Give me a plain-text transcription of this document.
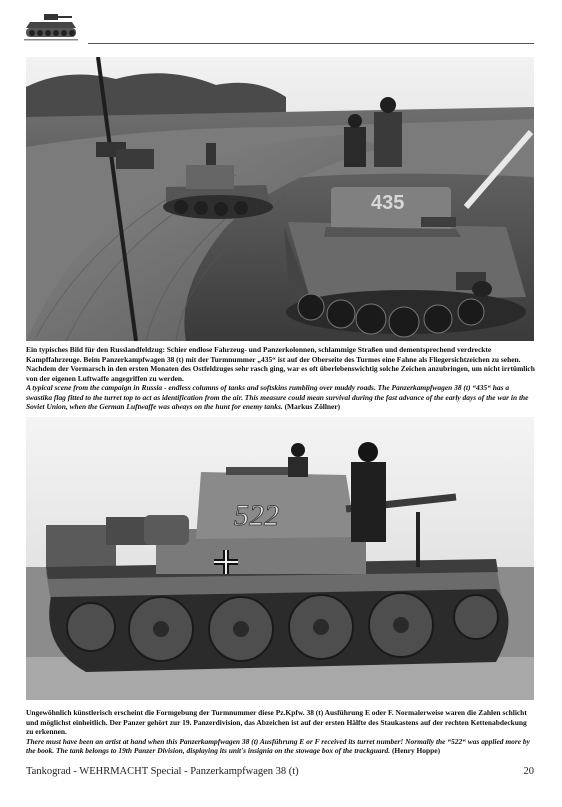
435

Ein typisches Bild für den Russlandfeldzug: Schier endlose Fahrzeug- und Panzerkolonnen, schlammige Straßen und dementsprechend verdreckte Kampffahrzeuge. Beim Panzerkampfwagen 38 (t) mit der Turmnummer „435“ ist auf der Oberseite des Turmes eine Fahne als Fliegersichtzeichen zu sehen. Nachdem der Vormarsch in den ersten Monaten des Ostfeldzuges sehr rasch ging, war es oft überlebenswichtig solche Zeichen anzubringen, um nicht irrtümlich von der eigenen Luftwaffe angegriffen zu werden.

A typical scene from the campaign in Russia - endless columns of tanks and softskins rumbling over muddy roads. The Panzerkampfwagen 38 (t) “435“ has a swastika flag fitted to the turret top to act as identification from the air. This measure could mean survival during the fast advance of the early days of the war in the Soviet Union, when the German Luftwaffe was always on the hunt for enemy tanks. (Markus Zöllner)

522

Ungewöhnlich künstlerisch erscheint die Formgebung der Turmnummer diese Pz.Kpfw. 38 (t) Ausführung E oder F. Normalerweise waren die Zahlen schlicht und möglichst einheitlich. Der Panzer gehört zur 19. Panzerdivision, das Abzeichen ist auf der ersten Hälfte des Staukastens auf der rechten Kettenabdeckung zu erkennen.

There must have been an artist at hand when this Panzerkampfwagen 38 (t) Ausführung E or F received its turret number! Normally the “522“ was applied more by the book. The tank belongs to 19th Panzer Division, displaying its unit's insignia on the stowage box of the trackguard. (Henry Hoppe)

Tankograd - WEHRMACHT Special - Panzerkampfwagen 38 (t)	20
